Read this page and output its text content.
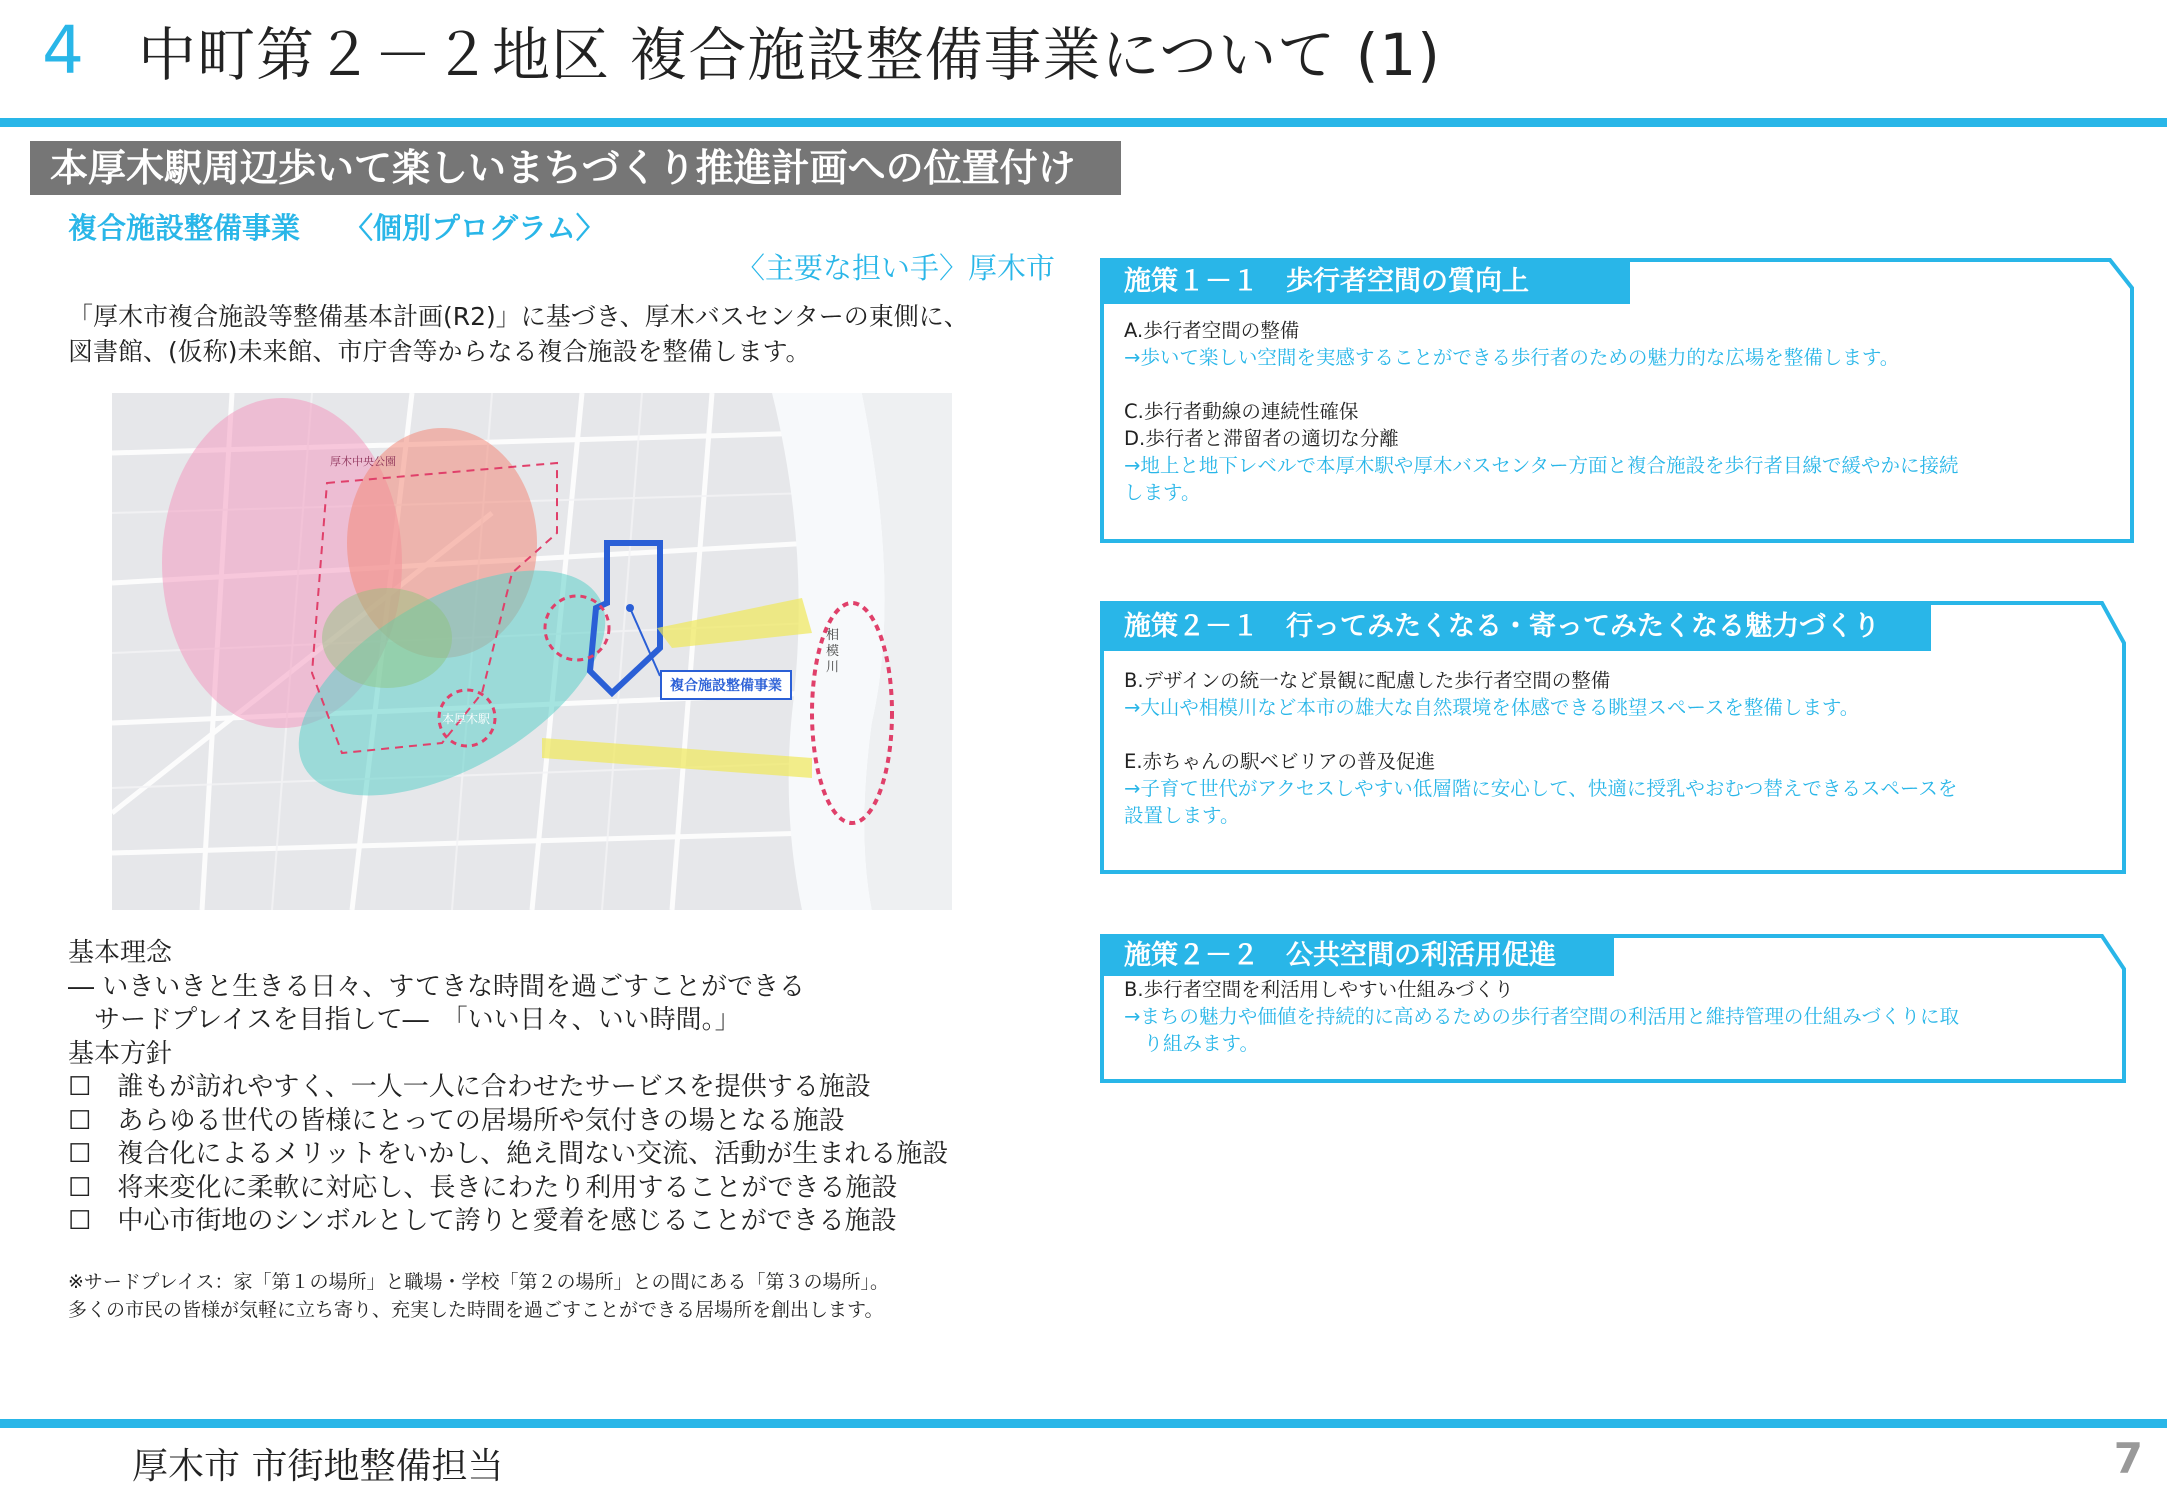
4 中町第２－２地区 複合施設整備事業について (1)
本厚木駅周辺歩いて楽しいまちづくり推進計画への位置付け
複合施設整備事業 〈個別プログラム〉
〈主要な担い手〉厚木市
「厚木市複合施設等整備基本計画(R2)」に基づき、厚木バスセンターの東側に、
図書館、(仮称)未来館、市庁舎等からなる複合施設を整備します。
厚木中央公園
本厚木駅
相模川
複合施設整備事業
基本理念
― いきいきと生きる日々、すてきな時間を過ごすことができる
　サードプレイスを目指して―　「いい日々、いい時間。」
基本方針
☐　 誰もが訪れやすく、一人一人に合わせたサービスを提供する施設
☐　 あらゆる世代の皆様にとっての居場所や気付きの場となる施設
☐　 複合化によるメリットをいかし、絶え間ない交流、活動が生まれる施設
☐　 将来変化に柔軟に対応し、長きにわたり利用することができる施設
☐　 中心市街地のシンボルとして誇りと愛着を感じることができる施設
※サードプレイス：家「第１の場所」と職場・学校「第２の場所」との間にある「第３の場所」。
多くの市民の皆様が気軽に立ち寄り、充実した時間を過ごすことができる居場所を創出します。
施策１－１　歩行者空間の質向上
A.歩行者空間の整備
→歩いて楽しい空間を実感することができる歩行者のための魅力的な広場を整備します。
C.歩行者動線の連続性確保
D.歩行者と滞留者の適切な分離
→地上と地下レベルで本厚木駅や厚木バスセンター方面と複合施設を歩行者目線で緩やかに接続
します。
施策２－１　行ってみたくなる・寄ってみたくなる魅力づくり
B.デザインの統一など景観に配慮した歩行者空間の整備
→大山や相模川など本市の雄大な自然環境を体感できる眺望スペースを整備します。
E.赤ちゃんの駅ベビリアの普及促進
→子育て世代がアクセスしやすい低層階に安心して、快適に授乳やおむつ替えできるスペースを
設置します。
施策２－２　公共空間の利活用促進
B.歩行者空間を利活用しやすい仕組みづくり
→まちの魅力や価値を持続的に高めるための歩行者空間の利活用と維持管理の仕組みづくりに取
　り組みます。
厚木市 市街地整備担当	7
